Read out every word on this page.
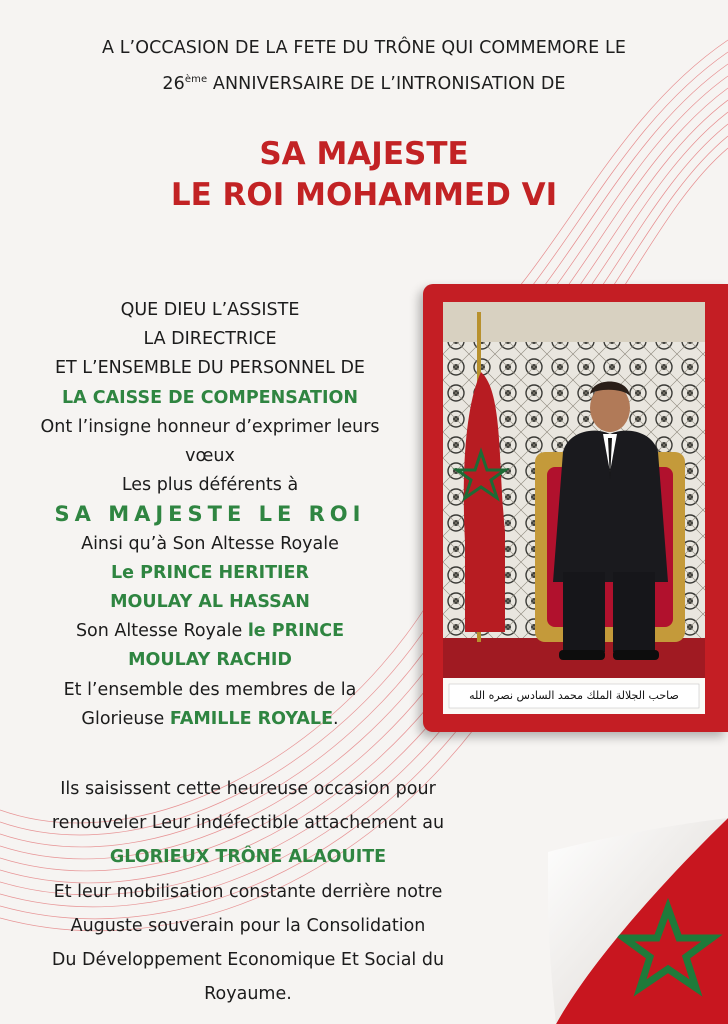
A L’OCCASION DE LA FETE DU TRÔNE QUI COMMEMORE LE
26ème ANNIVERSAIRE DE L’INTRONISATION DE
SA MAJESTE
LE ROI MOHAMMED VI
QUE DIEU L’ASSISTE
LA DIRECTRICE
ET L’ENSEMBLE DU PERSONNEL DE
LA CAISSE DE COMPENSATION
Ont l’insigne honneur d’exprimer leurs
vœux
Les plus déférents à
SA MAJESTE LE ROI
Ainsi qu’à Son Altesse Royale
Le PRINCE HERITIER
MOULAY AL HASSAN
Son Altesse Royale le PRINCE
MOULAY RACHID
Et l’ensemble des membres de la
Glorieuse FAMILLE ROYALE.
Ils saisissent cette heureuse occasion pour
renouveler Leur indéfectible attachement au
GLORIEUX TRÔNE ALAOUITE
Et leur mobilisation constante derrière notre
Auguste souverain pour la Consolidation
Du Développement Economique Et Social du
Royaume.
صاحب الجلالة الملك محمد السادس نصره الله
